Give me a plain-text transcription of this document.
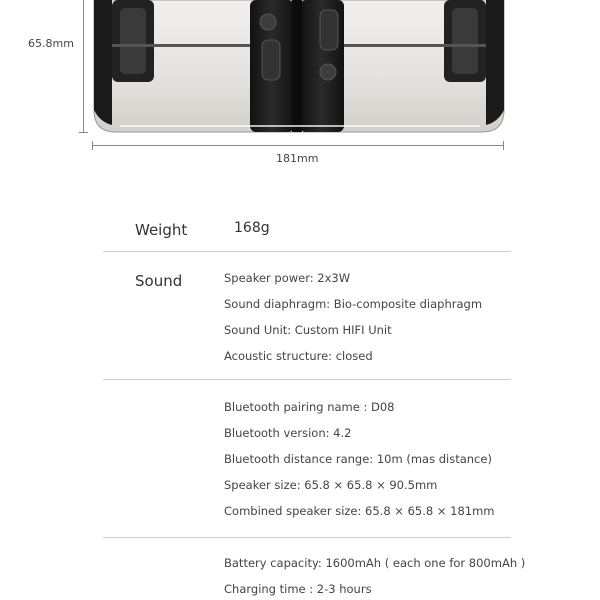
65.8mm
181mm
Weight	168g
Sound	Speaker power: 2x3W
Sound diaphragm: Bio-composite diaphragm
Sound Unit: Custom HIFI Unit
Acoustic structure: closed
Bluetooth pairing name : D08
Bluetooth version: 4.2
Bluetooth distance range: 10m (mas distance)
Speaker size: 65.8 × 65.8 × 90.5mm
Combined speaker size: 65.8 × 65.8 × 181mm
Battery capacity: 1600mAh ( each one for 800mAh )
Charging time : 2-3 hours
